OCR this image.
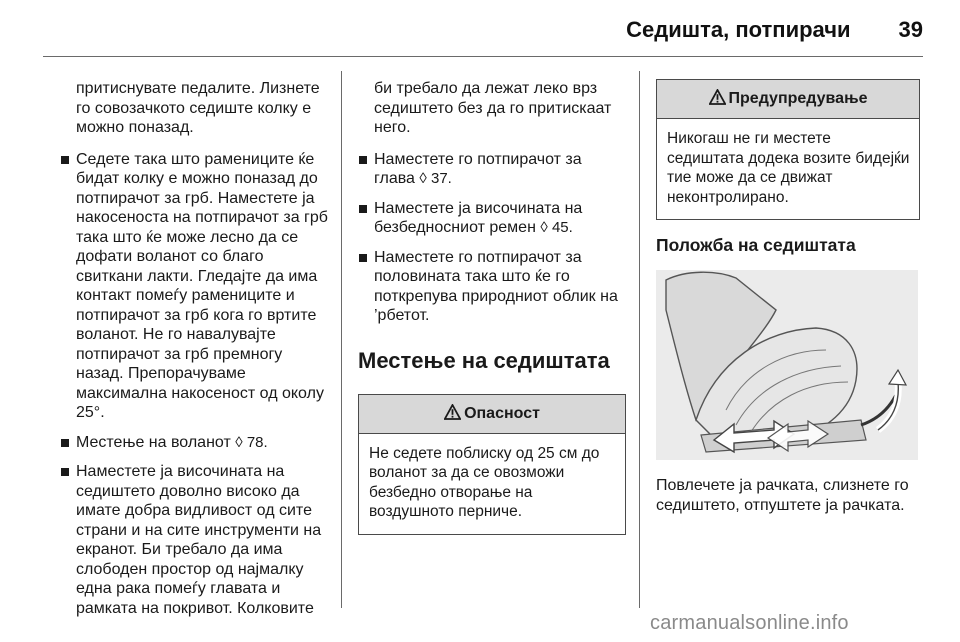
Седишта, потпирачи 39

притиснувате педалите. Лизнете го совозачкото седиште колку е можно поназад.

Седете така што рамениците ќе бидат колку е можно поназад до потпирачот за грб. Наместете ја накосеноста на потпирачот за грб така што ќе може лесно да се дофати воланот со благо свиткани лакти. Гледајте да има контакт помеѓу рамениците и потпирачот за грб кога го вртите воланот. Не го навалувајте потпирачот за грб премногу назад. Препорачуваме максимална накосеност од околу 25°.
Местење на воланот ◊ 78.
Наместете ја височината на седиштето доволно високо да имате добра видливост од сите страни и на сите инструменти на екранот. Би требало да има слободен простор од најмалку една рака помеѓу главата и рамката на покривот. Колковите

би требало да лежат леко врз седиштето без да го притискаат него.

Наместете го потпирачот за глава ◊ 37.
Наместете ја височината на безбедносниот ремен ◊ 45.
Наместете го потпирачот за половината така што ќе го поткрепува природниот облик на ’рбетот.
Местење на седиштата
Опасност
Не седете поблиску од 25 см до воланот за да се овозможи безбедно отворање на воздушното перниче.
Предупредување
Никогаш не ги местете седиштата додека возите бидејќи тие може да се движат неконтролирано.
Положба на седиштата
Повлечете ја рачката, слизнете го седиштето, отпуштете ја рачката.
carmanualsonline.info
